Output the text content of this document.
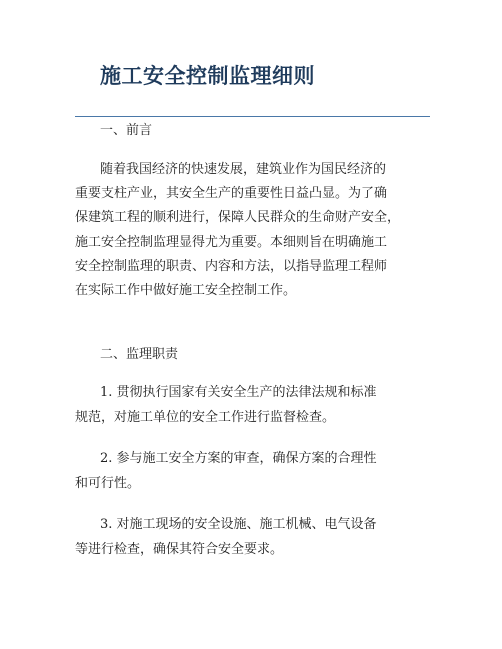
施工安全控制监理细则
一、前言
随着我国经济的快速发展，建筑业作为国民经济的
重要支柱产业，其安全生产的重要性日益凸显。为了确
保建筑工程的顺利进行，保障人民群众的生命财产安全，
施工安全控制监理显得尤为重要。本细则旨在明确施工
安全控制监理的职责、内容和方法，以指导监理工程师
在实际工作中做好施工安全控制工作。
二、监理职责
1. 贯彻执行国家有关安全生产的法律法规和标准
规范，对施工单位的安全工作进行监督检查。
2. 参与施工安全方案的审查，确保方案的合理性
和可行性。
3. 对施工现场的安全设施、施工机械、电气设备
等进行检查，确保其符合安全要求。
